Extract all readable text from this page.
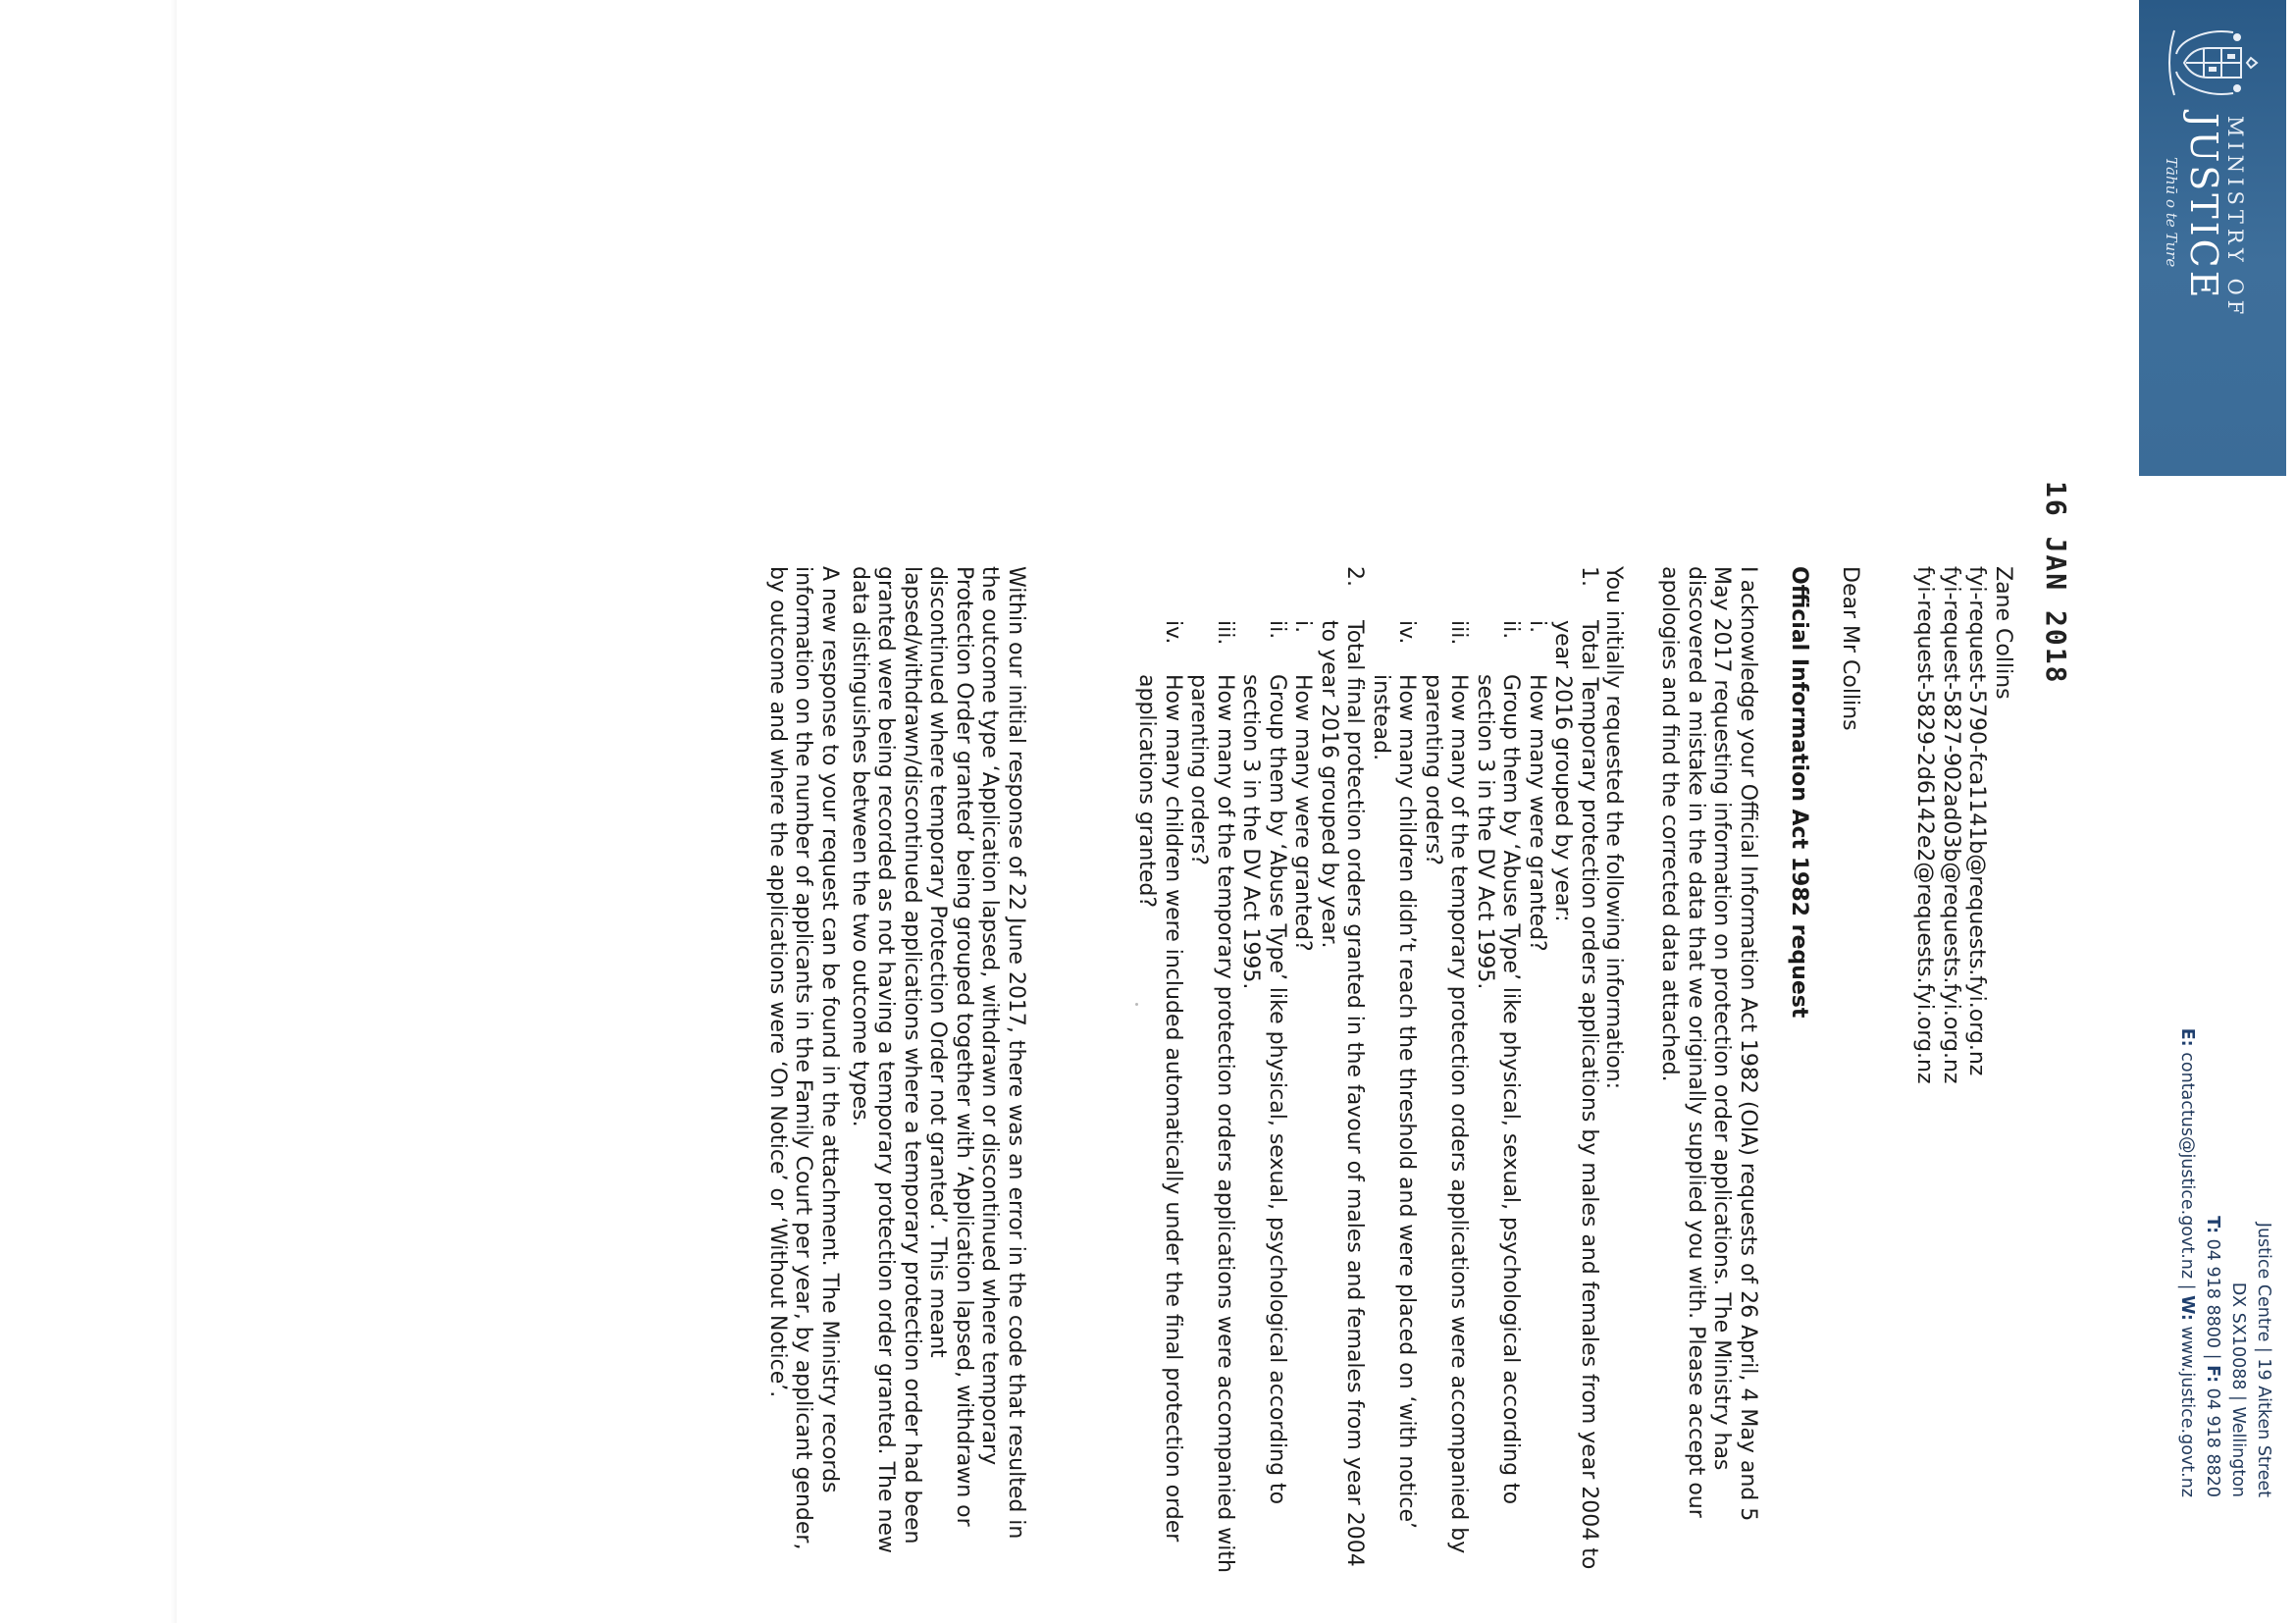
MINISTRY OF
JUSTICE
Tāhū o te Ture
Justice Centre | 19 Aitken Street
DX SX10088 | Wellington
T: 04 918 8800 | F: 04 918 8820
E: contactus@justice.govt.nz | W: www.justice.govt.nz
16 JAN 2018
Zane Collins
fyi-request-5790-fca1141b@requests.fyi.org.nz
fyi-request-5827-902ad03b@requests.fyi.org.nz
fyi-request-5829-2d6142e2@requests.fyi.org.nz
Dear Mr Collins
Official Information Act 1982 request
I acknowledge your Official Information Act 1982 (OIA) requests of 26 April, 4 May and 5 May 2017 requesting information on protection order applications. The Ministry has discovered a mistake in the data that we originally supplied you with. Please accept our apologies and find the corrected data attached.
You initially requested the following information:
1.
Total Temporary protection orders applications by males and females from year 2004 to year 2016 grouped by year:
i.
How many were granted?
ii.
Group them by ‘Abuse Type’ like physical, sexual, psychological according to section 3 in the DV Act 1995.
iii.
How many of the temporary protection orders applications were accompanied by parenting orders?
iv.
How many children didn’t reach the threshold and were placed on ‘with notice’ instead.
2.
Total final protection orders granted in the favour of males and females from year 2004 to year 2016 grouped by year.
i.
How many were granted?
ii.
Group them by ‘Abuse Type’ like physical, sexual, psychological according to section 3 in the DV Act 1995.
iii.
How many of the temporary protection orders applications were accompanied with parenting orders?
iv.
How many children were included automatically under the final protection order applications granted?
Within our initial response of 22 June 2017, there was an error in the code that resulted in the outcome type ‘Application lapsed, withdrawn or discontinued where temporary Protection Order granted’ being grouped together with ‘Application lapsed, withdrawn or discontinued where temporary Protection Order not granted’. This meant lapsed/withdrawn/discontinued applications where a temporary protection order had been granted were being recorded as not having a temporary protection order granted. The new data distinguishes between the two outcome types.
A new response to your request can be found in the attachment. The Ministry records information on the number of applicants in the Family Court per year, by applicant gender, by outcome and where the applications were ‘On Notice’ or ‘Without Notice’.
